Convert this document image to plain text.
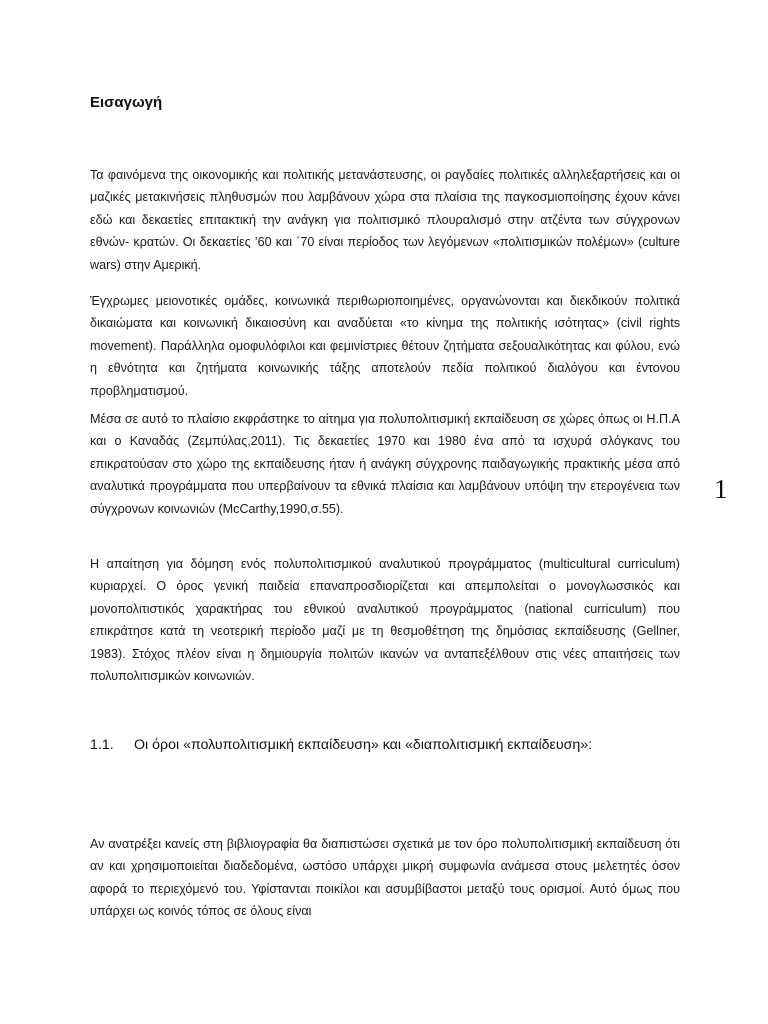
Εισαγωγή

Τα φαινόμενα της οικονομικής και πολιτικής μετανάστευσης, οι ραγδαίες πολιτικές αλληλεξαρτήσεις και οι μαζικές μετακινήσεις πληθυσμών που λαμβάνουν χώρα στα πλαίσια της παγκοσμιοποίησης έχουν κάνει εδώ και δεκαετίες επιτακτική την ανάγκη για πολιτισμικό πλουραλισμό στην ατζέντα των σύγχρονων εθνών- κρατών. Οι δεκαετίες ’60 και ΄70 είναι περίοδος των λεγόμενων «πολιτισμικών πολέμων» (culture wars) στην Αμερική.

Έγχρωμες μειονοτικές ομάδες, κοινωνικά περιθωριοποιημένες, οργανώνονται και διεκδικούν πολιτικά δικαιώματα και κοινωνική δικαιοσύνη και αναδύεται «το κίνημα της πολιτικής ισότητας» (civil rights movement). Παράλληλα ομοφυλόφιλοι και φεμινίστριες θέτουν ζητήματα σεξουαλικότητας και φύλου, ενώ η εθνότητα και ζητήματα κοινωνικής τάξης αποτελούν πεδία πολιτικού διαλόγου και έντονου προβληματισμού.

Μέσα σε αυτό το πλαίσιο εκφράστηκε το αίτημα για πολυπολιτισμική εκπαίδευση σε χώρες όπως οι Η.Π.Α και ο Καναδάς (Ζεμπύλας,2011). Τις δεκαετίες 1970 και 1980 ένα από τα ισχυρά σλόγκανς του επικρατούσαν στο χώρο της εκπαίδευσης ήταν ή ανάγκη σύγχρονης παιδαγωγικής πρακτικής μέσα από αναλυτικά προγράμματα που υπερβαίνουν τα εθνικά πλαίσια και λαμβάνουν υπόψη την ετερογένεια των σύγχρονων κοινωνιών (McCarthy,1990,σ.55).

Η απαίτηση για δόμηση ενός πολυπολιτισμικού αναλυτικού προγράμματος (multicultural curriculum) κυριαρχεί. Ο όρος γενική παιδεία επαναπροσδιορίζεται και απεμπολείται ο μονογλωσσικός και μονοπολιτιστικός χαρακτήρας του εθνικού αναλυτικού προγράμματος (national curriculum) που επικράτησε κατά τη νεοτερική περίοδο μαζί με τη θεσμοθέτηση της δημόσιας εκπαίδευσης (Gellner, 1983). Στόχος πλέον είναι η δημιουργία πολιτών ικανών να ανταπεξέλθουν στις νέες απαιτήσεις των πολυπολιτισμικών κοινωνιών.

1.1. Οι όροι «πολυπολιτισμική εκπαίδευση» και «διαπολιτισμική εκπαίδευση»:

Αν ανατρέξει κανείς στη βιβλιογραφία θα διαπιστώσει σχετικά με τον όρο πολυπολιτισμική εκπαίδευση ότι αν και χρησιμοποιείται διαδεδομένα, ωστόσο υπάρχει μικρή συμφωνία ανάμεσα στους μελετητές όσον αφορά το περιεχόμενό του. Υφίστανται ποικίλοι και ασυμβίβαστοι μεταξύ τους ορισμοί. Αυτό όμως που υπάρχει ως κοινός τόπος σε όλους είναι

1
